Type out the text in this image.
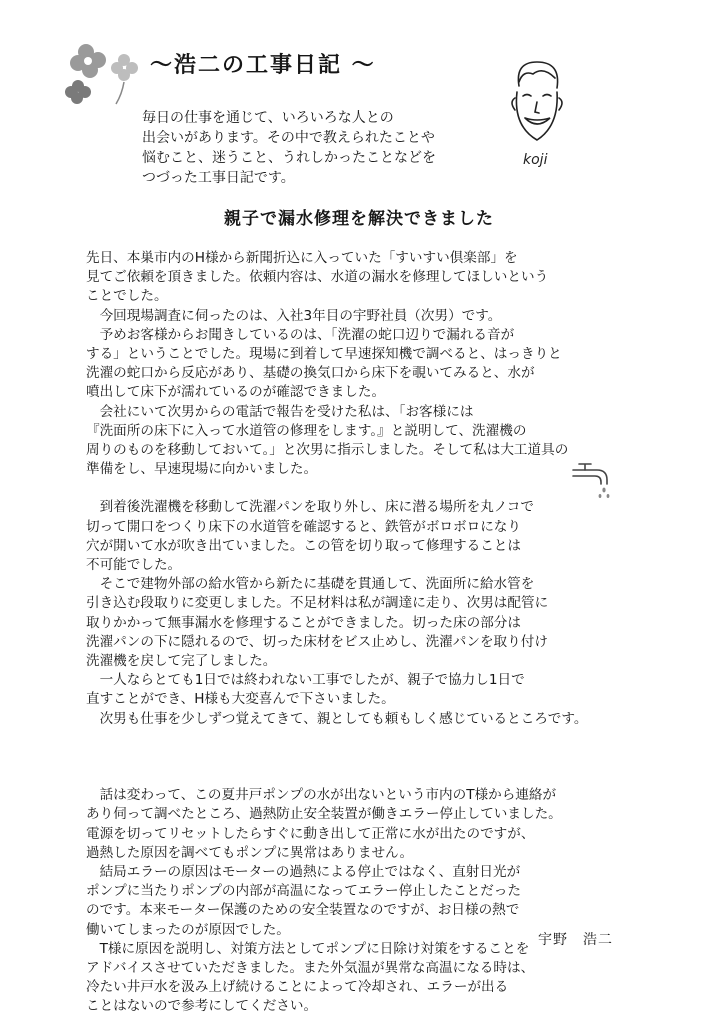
〜浩二の工事日記 〜
毎日の仕事を通じて、いろいろな人との
出会いがあります。その中で教えられたことや
悩むこと、迷うこと、うれしかったことなどを
つづった工事日記です。
koji
親子で漏水修理を解決できました
先日、本巣市内のH様から新聞折込に入っていた「すいすい倶楽部」を
見てご依頼を頂きました。依頼内容は、水道の漏水を修理してほしいという
ことでした。
　今回現場調査に伺ったのは、入社3年目の宇野社員（次男）です。
　予めお客様からお聞きしているのは、「洗濯の蛇口辺りで漏れる音が
する」ということでした。現場に到着して早速探知機で調べると、はっきりと
洗濯の蛇口から反応があり、基礎の換気口から床下を覗いてみると、水が
噴出して床下が濡れているのが確認できました。
　会社にいて次男からの電話で報告を受けた私は、「お客様には
『洗面所の床下に入って水道管の修理をします。』と説明して、洗濯機の
周りのものを移動しておいて。」と次男に指示しました。そして私は大工道具の
準備をし、早速現場に向かいました。
　到着後洗濯機を移動して洗濯パンを取り外し、床に潜る場所を丸ノコで
切って開口をつくり床下の水道管を確認すると、鉄管がボロボロになり
穴が開いて水が吹き出ていました。この管を切り取って修理することは
不可能でした。
　そこで建物外部の給水管から新たに基礎を貫通して、洗面所に給水管を
引き込む段取りに変更しました。不足材料は私が調達に走り、次男は配管に
取りかかって無事漏水を修理することができました。切った床の部分は
洗濯パンの下に隠れるので、切った床材をビス止めし、洗濯パンを取り付け
洗濯機を戻して完了しました。
　一人ならとても1日では終われない工事でしたが、親子で協力し1日で
直すことができ、H様も大変喜んで下さいました。
　次男も仕事を少しずつ覚えてきて、親としても頼もしく感じているところです。
　話は変わって、この夏井戸ポンプの水が出ないという市内のT様から連絡が
あり伺って調べたところ、過熱防止安全装置が働きエラー停止していました。
電源を切ってリセットしたらすぐに動き出して正常に水が出たのですが、
過熱した原因を調べてもポンプに異常はありません。
　結局エラーの原因はモーターの過熱による停止ではなく、直射日光が
ポンプに当たりポンプの内部が高温になってエラー停止したことだった
のです。本来モーター保護のための安全装置なのですが、お日様の熱で
働いてしまったのが原因でした。
　T様に原因を説明し、対策方法としてポンプに日除け対策をすることを
アドバイスさせていただきました。また外気温が異常な高温になる時は、
冷たい井戸水を汲み上げ続けることによって冷却され、エラーが出る
ことはないので参考にしてください。
宇野　浩二
